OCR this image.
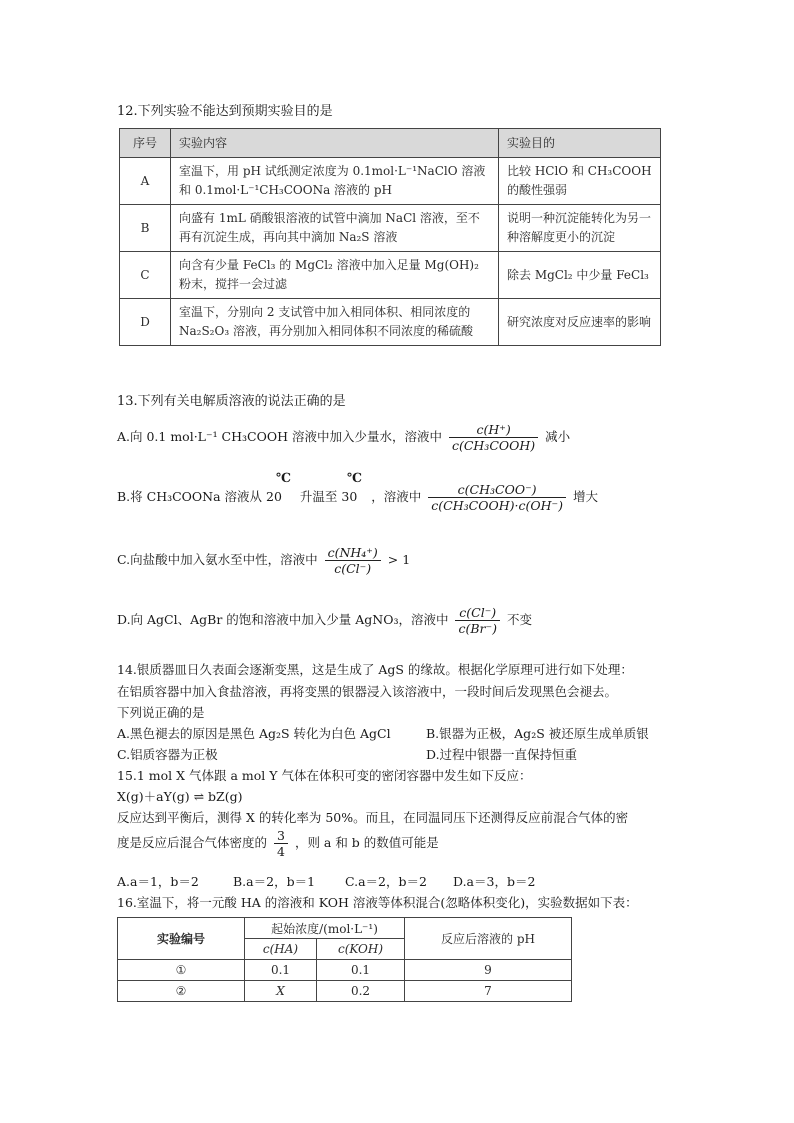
12.下列实验不能达到预期实验目的是
序号	实验内容	实验目的
A	室温下，用 pH 试纸测定浓度为 0.1mol·L⁻¹NaClO 溶液和 0.1mol·L⁻¹CH₃COONa 溶液的 pH	比较 HClO 和 CH₃COOH 的酸性强弱
B	向盛有 1mL 硝酸银溶液的试管中滴加 NaCl 溶液，至不再有沉淀生成，再向其中滴加 Na₂S 溶液	说明一种沉淀能转化为另一种溶解度更小的沉淀
C	向含有少量 FeCl₃ 的 MgCl₂ 溶液中加入足量 Mg(OH)₂ 粉末，搅拌一会过滤	除去 MgCl₂ 中少量 FeCl₃
D	室温下，分别向 2 支试管中加入相同体积、相同浓度的 Na₂S₂O₃ 溶液，再分别加入相同体积不同浓度的稀硫酸	研究浓度对反应速率的影响
13.下列有关电解质溶液的说法正确的是
A.向 0.1 mol·L⁻¹ CH₃COOH 溶液中加入少量水，溶液中 $\frac{c(H^+)}{\text{c(CH₃COOH)}}$ 减小
℃	℃
B.将 CH₃COONa 溶液从 20 升温至 30 ，溶液中 $\frac{\text{c(CH₃COO⁻)}}{\text{c(CH₃COOH)·c(OH⁻)}}$ 增大
C.向盐酸中加入氨水至中性，溶液中 $\frac{\text{c(NH₄⁺)}}{c(Cl^-)} > 1$
D.向 AgCl、AgBr 的饱和溶液中加入少量 AgNO₃，溶液中 $\frac{c(Cl^-)}{c(Br^-)}$ 不变
14.银质器皿日久表面会逐渐变黑，这是生成了 AgS 的缘故。根据化学原理可进行如下处理：
在铝质容器中加入食盐溶液，再将变黑的银器浸入该溶液中，一段时间后发现黑色会褪去。
下列说正确的是
A.黑色褪去的原因是黑色 Ag₂S 转化为白色 AgCl	B.银器为正极，Ag₂S 被还原生成单质银
C.铝质容器为正极	D.过程中银器一直保持恒重
15.1 mol X 气体跟 a mol Y 气体在体积可变的密闭容器中发生如下反应：
X(g)＋aY(g) ⇌ bZ(g)
反应达到平衡后，测得 X 的转化率为 50%。而且，在同温同压下还测得反应前混合气体的密
度是反应后混合气体密度的 $\frac{3}{4}$ ，则 a 和 b 的数值可能是
A.a＝1，b＝2	B.a＝2，b＝1 C.a＝2，b＝2 D.a＝3，b＝2
16.室温下，将一元酸 HA 的溶液和 KOH 溶液等体积混合(忽略体积变化)，实验数据如下表：
实验编号	起始浓度/(mol·L⁻¹)		反应后溶液的 pH
	c(HA)	c(KOH)	
①	0.1	0.1	9
②	X	0.2	7
